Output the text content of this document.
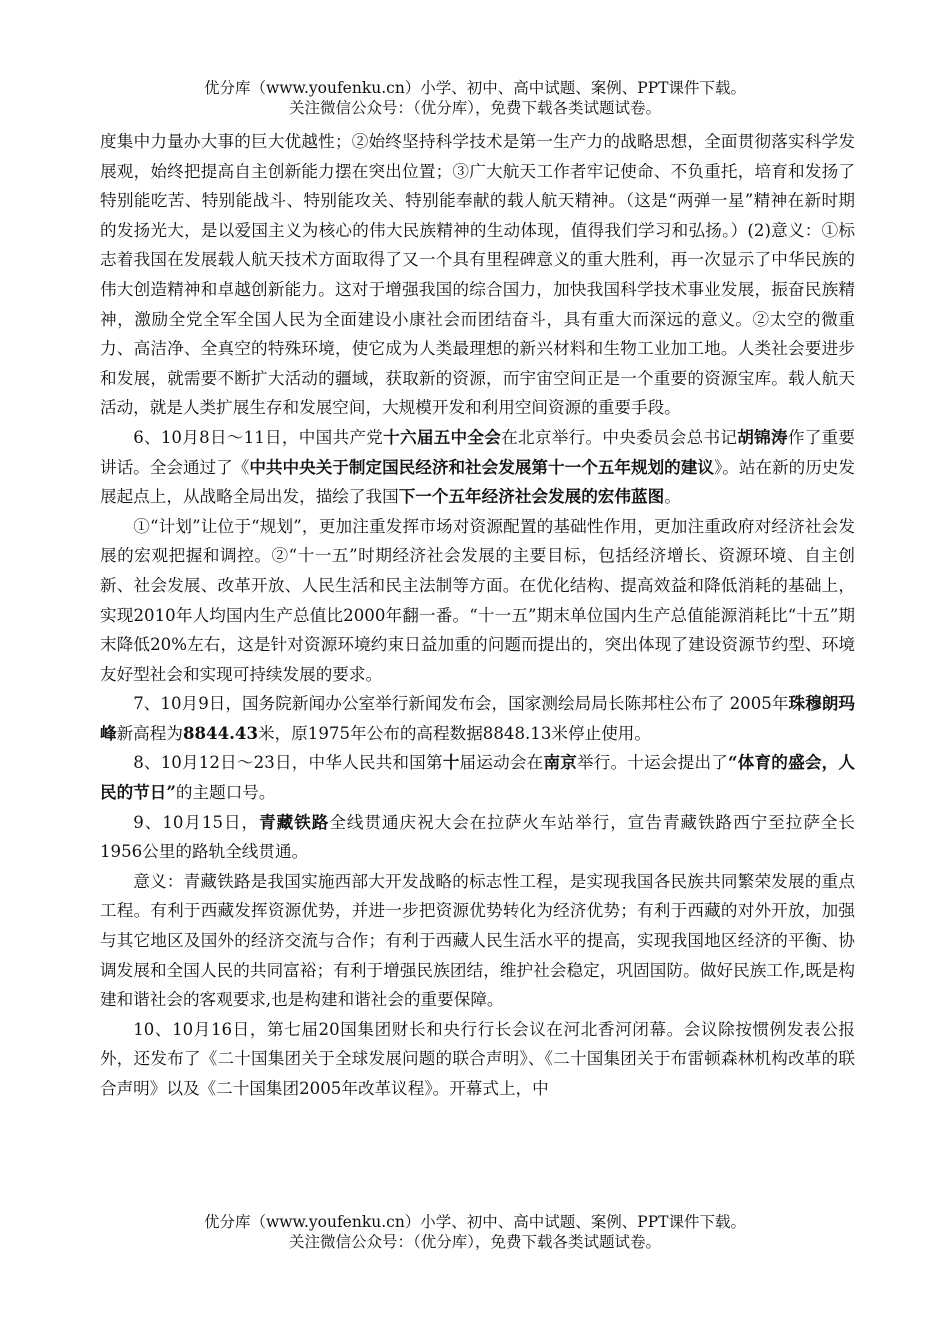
优分库（www.youfenku.cn）小学、初中、高中试题、案例、PPT课件下载。
关注微信公众号：（优分库），免费下载各类试题试卷。

度集中力量办大事的巨大优越性；②始终坚持科学技术是第一生产力的战略思想，全面贯彻落实科学发展观，始终把提高自主创新能力摆在突出位置；③广大航天工作者牢记使命、不负重托，培育和发扬了特别能吃苦、特别能战斗、特别能攻关、特别能奉献的载人航天精神。（这是“两弹一星”精神在新时期的发扬光大，是以爱国主义为核心的伟大民族精神的生动体现，值得我们学习和弘扬。）(2)意义：①标志着我国在发展载人航天技术方面取得了又一个具有里程碑意义的重大胜利，再一次显示了中华民族的伟大创造精神和卓越创新能力。这对于增强我国的综合国力，加快我国科学技术事业发展，振奋民族精神，激励全党全军全国人民为全面建设小康社会而团结奋斗，具有重大而深远的意义。②太空的微重力、高洁净、全真空的特殊环境，使它成为人类最理想的新兴材料和生物工业加工地。人类社会要进步和发展，就需要不断扩大活动的疆域，获取新的资源，而宇宙空间正是一个重要的资源宝库。载人航天活动，就是人类扩展生存和发展空间，大规模开发和利用空间资源的重要手段。

6、10月8日～11日，中国共产党十六届五中全会在北京举行。中央委员会总书记胡锦涛作了重要讲话。全会通过了《中共中央关于制定国民经济和社会发展第十一个五年规划的建议》。站在新的历史发展起点上，从战略全局出发，描绘了我国下一个五年经济社会发展的宏伟蓝图。

①“计划”让位于“规划”，更加注重发挥市场对资源配置的基础性作用，更加注重政府对经济社会发展的宏观把握和调控。②“十一五”时期经济社会发展的主要目标，包括经济增长、资源环境、自主创新、社会发展、改革开放、人民生活和民主法制等方面。在优化结构、提高效益和降低消耗的基础上，实现2010年人均国内生产总值比2000年翻一番。“十一五”期末单位国内生产总值能源消耗比“十五”期末降低20%左右，这是针对资源环境约束日益加重的问题而提出的，突出体现了建设资源节约型、环境友好型社会和实现可持续发展的要求。

7、10月9日，国务院新闻办公室举行新闻发布会，国家测绘局局长陈邦柱公布了 2005年珠穆朗玛峰新高程为8844.43米，原1975年公布的高程数据8848.13米停止使用。

8、10月12日～23日，中华人民共和国第十届运动会在南京举行。十运会提出了“体育的盛会，人民的节日”的主题口号。

9、10月15日，青藏铁路全线贯通庆祝大会在拉萨火车站举行，宣告青藏铁路西宁至拉萨全长1956公里的路轨全线贯通。

意义：青藏铁路是我国实施西部大开发战略的标志性工程，是实现我国各民族共同繁荣发展的重点工程。有利于西藏发挥资源优势，并进一步把资源优势转化为经济优势；有利于西藏的对外开放，加强与其它地区及国外的经济交流与合作；有利于西藏人民生活水平的提高，实现我国地区经济的平衡、协调发展和全国人民的共同富裕；有利于增强民族团结，维护社会稳定，巩固国防。做好民族工作,既是构建和谐社会的客观要求,也是构建和谐社会的重要保障。

10、10月16日，第七届20国集团财长和央行行长会议在河北香河闭幕。会议除按惯例发表公报外，还发布了《二十国集团关于全球发展问题的联合声明》、《二十国集团关于布雷顿森林机构改革的联合声明》以及《二十国集团2005年改革议程》。开幕式上，中

优分库（www.youfenku.cn）小学、初中、高中试题、案例、PPT课件下载。
关注微信公众号：（优分库），免费下载各类试题试卷。
